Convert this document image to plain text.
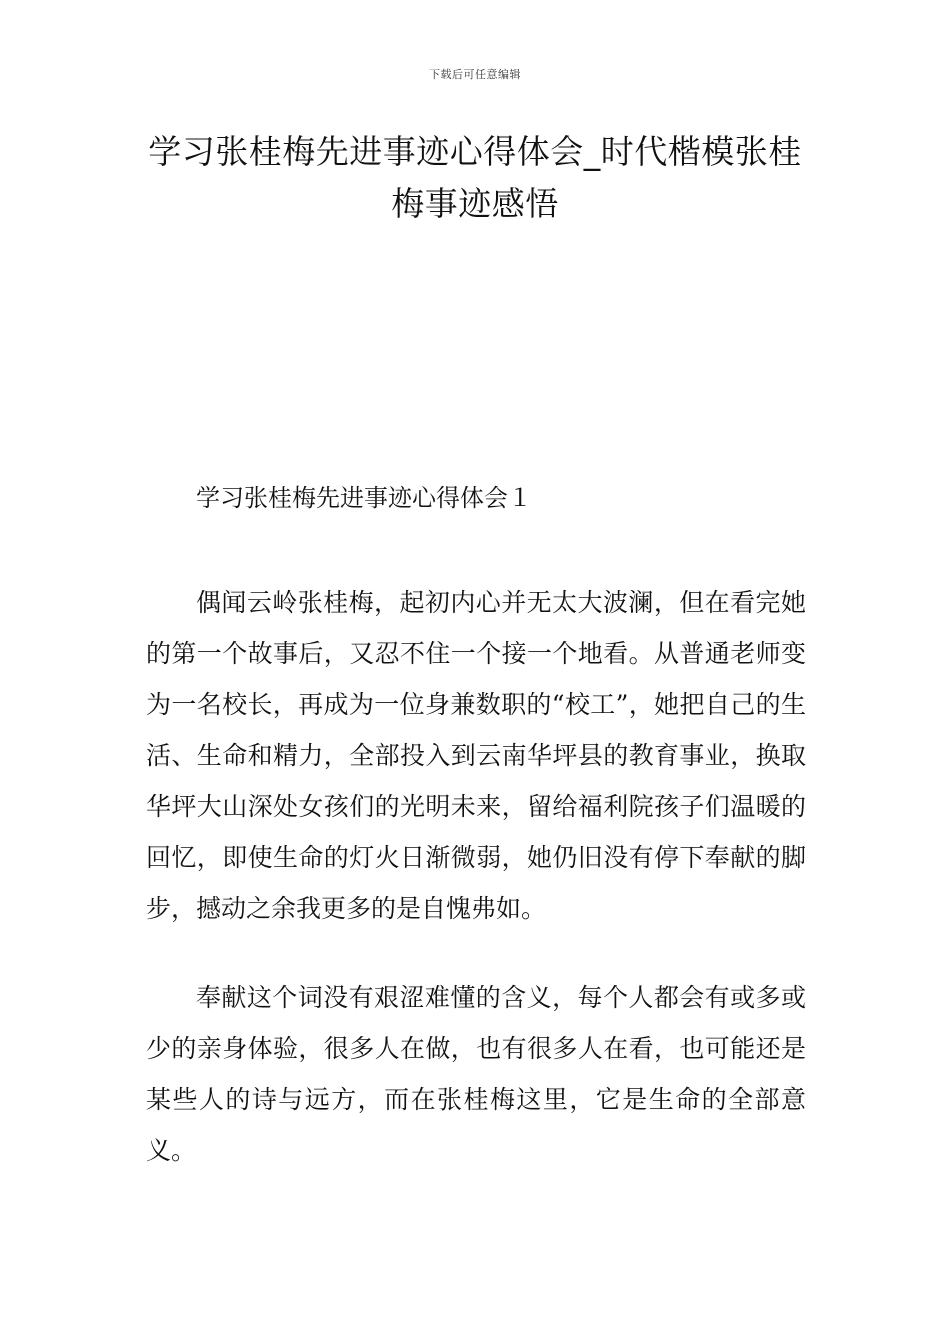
下载后可任意编辑
学习张桂梅先进事迹心得体会_时代楷模张桂梅事迹感悟
学习张桂梅先进事迹心得体会１

偶闻云岭张桂梅，起初内心并无太大波澜，但在看完她的第一个故事后，又忍不住一个接一个地看。从普通老师变为一名校长，再成为一位身兼数职的“校工”，她把自己的生活、生命和精力，全部投入到云南华坪县的教育事业，换取华坪大山深处女孩们的光明未来，留给福利院孩子们温暖的回忆，即使生命的灯火日渐微弱，她仍旧没有停下奉献的脚步，撼动之余我更多的是自愧弗如。

奉献这个词没有艰涩难懂的含义，每个人都会有或多或少的亲身体验，很多人在做，也有很多人在看，也可能还是某些人的诗与远方，而在张桂梅这里，它是生命的全部意义。
